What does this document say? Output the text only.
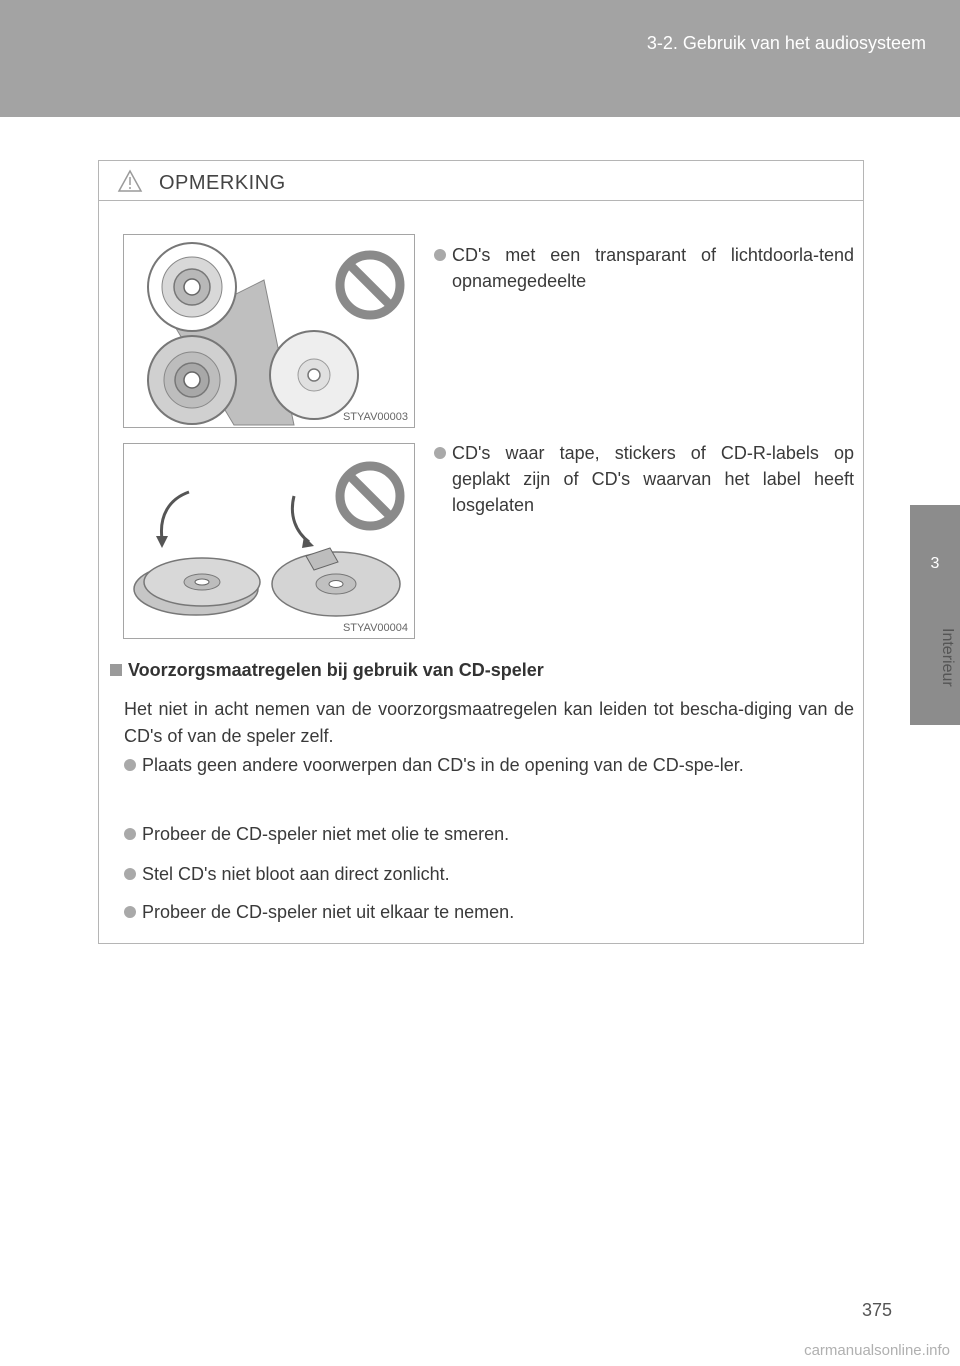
3-2. Gebruik van het audiosysteem
3
Interieur
OPMERKING
STYAV00003
CD's met een transparant of lichtdoorla-tend opnamegedeelte
STYAV00004
CD's waar tape, stickers of CD-R-labels op geplakt zijn of CD's waarvan het label heeft losgelaten
Voorzorgsmaatregelen bij gebruik van CD-speler
Het niet in acht nemen van de voorzorgsmaatregelen kan leiden tot bescha-diging van de CD's of van de speler zelf.
Plaats geen andere voorwerpen dan CD's in de opening van de CD-spe-ler.
Probeer de CD-speler niet met olie te smeren.
Stel CD's niet bloot aan direct zonlicht.
Probeer de CD-speler niet uit elkaar te nemen.
375
carmanualsonline.info
